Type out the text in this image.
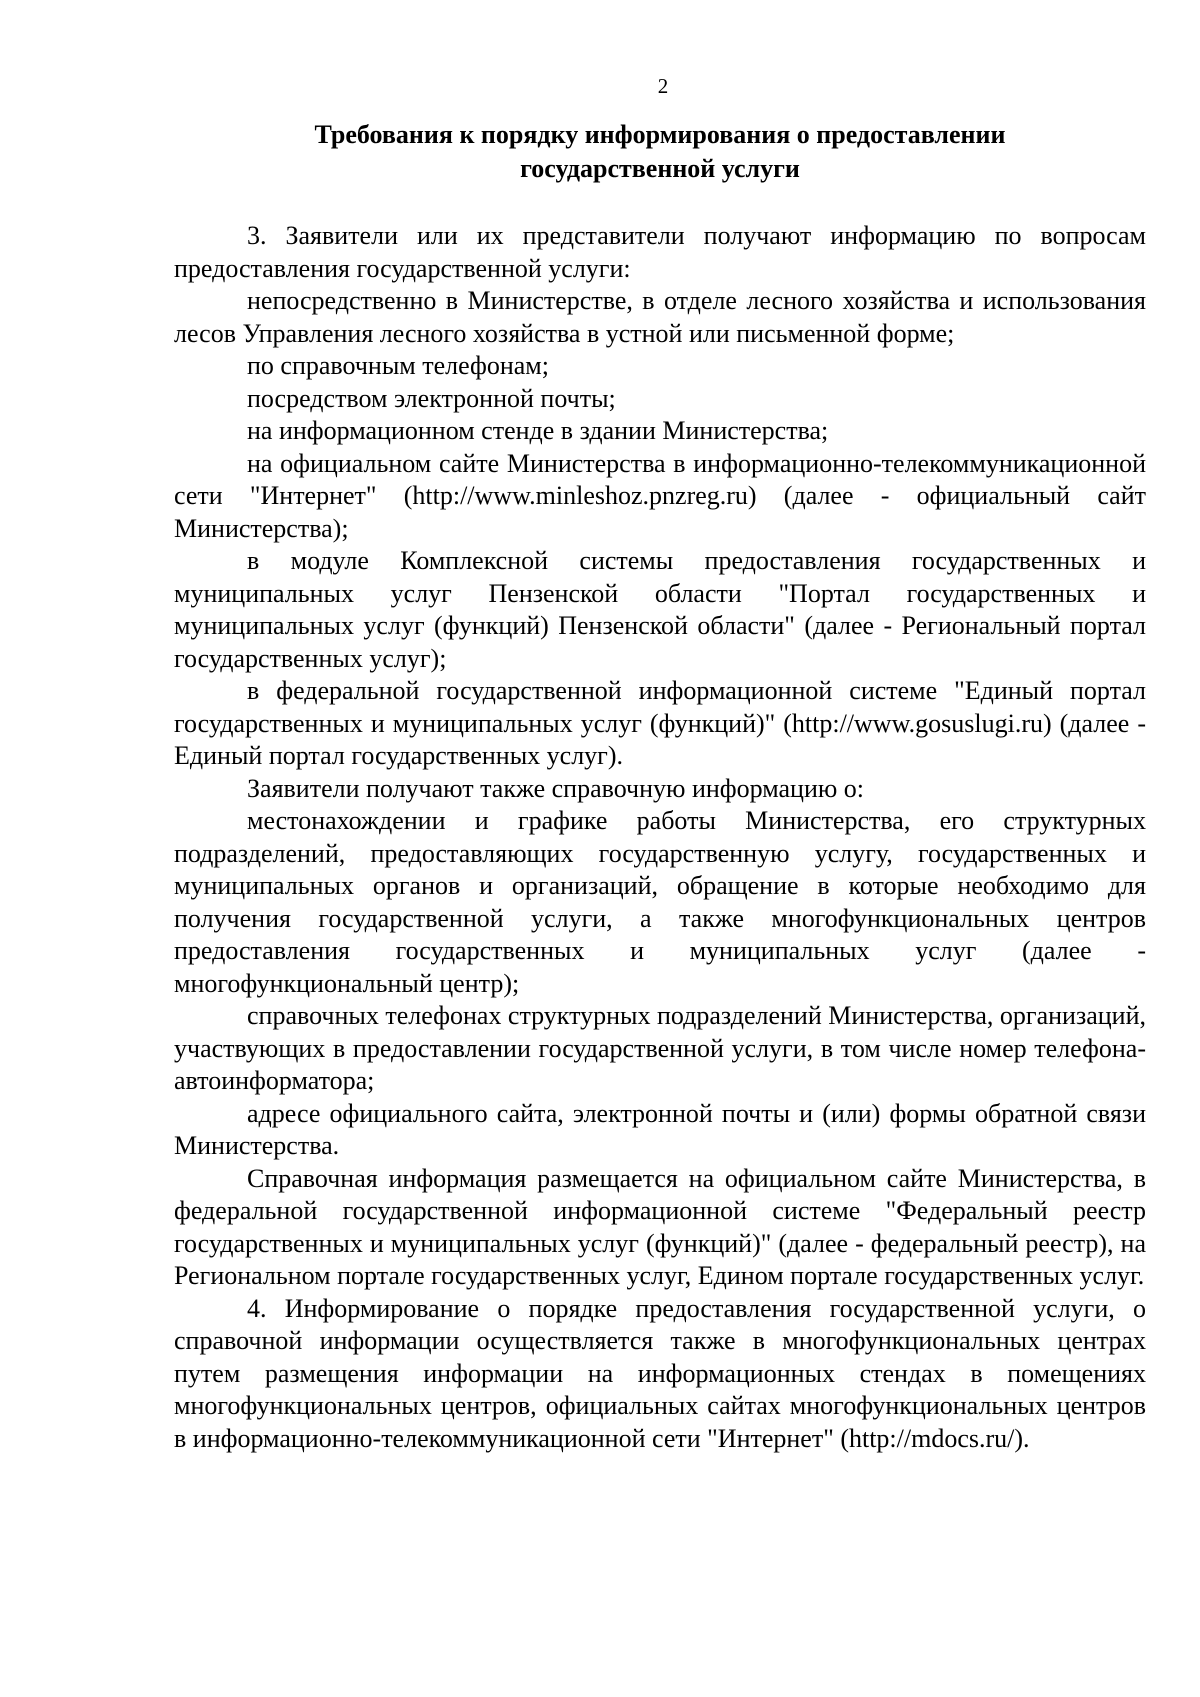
2
Требования к порядку информирования о предоставлении
государственной услуги

3. Заявители или их представители получают информацию по вопросам предоставления государственной услуги:

непосредственно в Министерстве, в отделе лесного хозяйства и использования лесов Управления лесного хозяйства в устной или письменной форме;

по справочным телефонам;

посредством электронной почты;

на информационном стенде в здании Министерства;

на официальном сайте Министерства в информационно-телекоммуникационной сети "Интернет" (http://www.minleshoz.pnzreg.ru) (далее - официальный сайт Министерства);

в модуле Комплексной системы предоставления государственных и муниципальных услуг Пензенской области "Портал государственных и муниципальных услуг (функций) Пензенской области" (далее - Региональный портал государственных услуг);

в федеральной государственной информационной системе "Единый портал государственных и муниципальных услуг (функций)" (http://www.gosuslugi.ru) (далее - Единый портал государственных услуг).

Заявители получают также справочную информацию о:

местонахождении и графике работы Министерства, его структурных подразделений, предоставляющих государственную услугу, государственных и муниципальных органов и организаций, обращение в которые необходимо для получения государственной услуги, а также многофункциональных центров предоставления государственных и муниципальных услуг (далее - многофункциональный центр);

справочных телефонах структурных подразделений Министерства, организаций, участвующих в предоставлении государственной услуги, в том числе номер телефона-автоинформатора;

адресе официального сайта, электронной почты и (или) формы обратной связи Министерства.

Справочная информация размещается на официальном сайте Министерства, в федеральной государственной информационной системе "Федеральный реестр государственных и муниципальных услуг (функций)" (далее - федеральный реестр), на Региональном портале государственных услуг, Едином портале государственных услуг.

4. Информирование о порядке предоставления государственной услуги, о справочной информации осуществляется также в многофункциональных центрах путем размещения информации на информационных стендах в помещениях многофункциональных центров, официальных сайтах многофункциональных центров в информационно-телекоммуникационной сети "Интернет" (http://mdocs.ru/).
